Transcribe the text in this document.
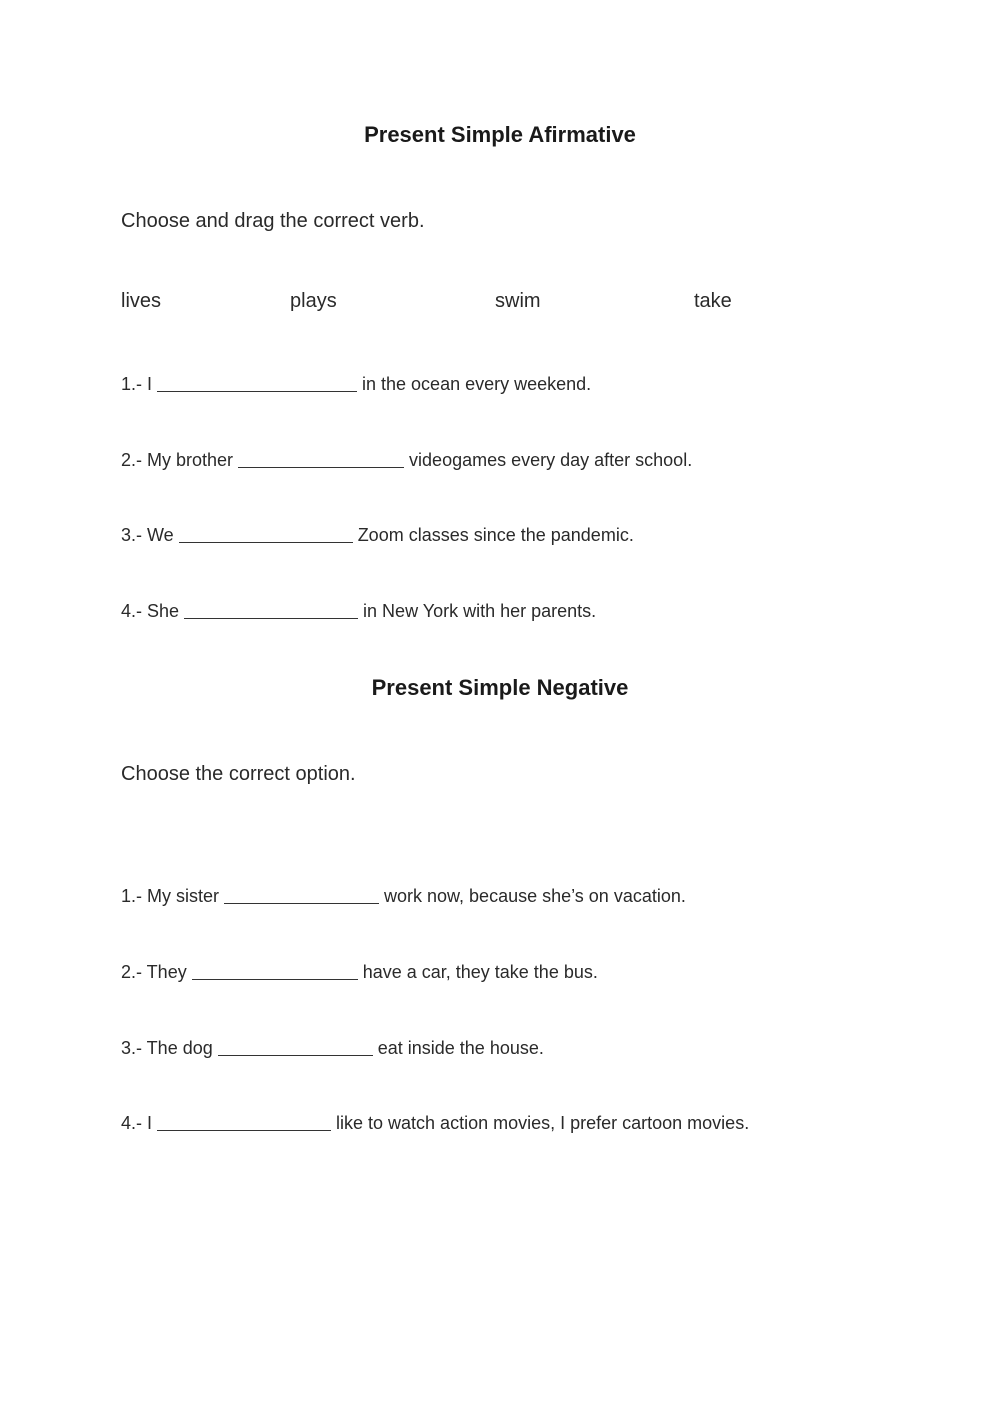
Present Simple Afirmative

Choose and drag the correct verb.

lives	plays	swim	take

1.- I	in the ocean every weekend.

2.- My brother	videogames every day after school.

3.- We	Zoom classes since the pandemic.

4.- She	in New York with her parents.

Present Simple Negative

Choose the correct option.

1.- My sister	work now, because she’s on vacation.

2.- They	have a car, they take the bus.

3.- The dog	eat inside the house.

4.- I	like to watch action movies, I prefer cartoon movies.
